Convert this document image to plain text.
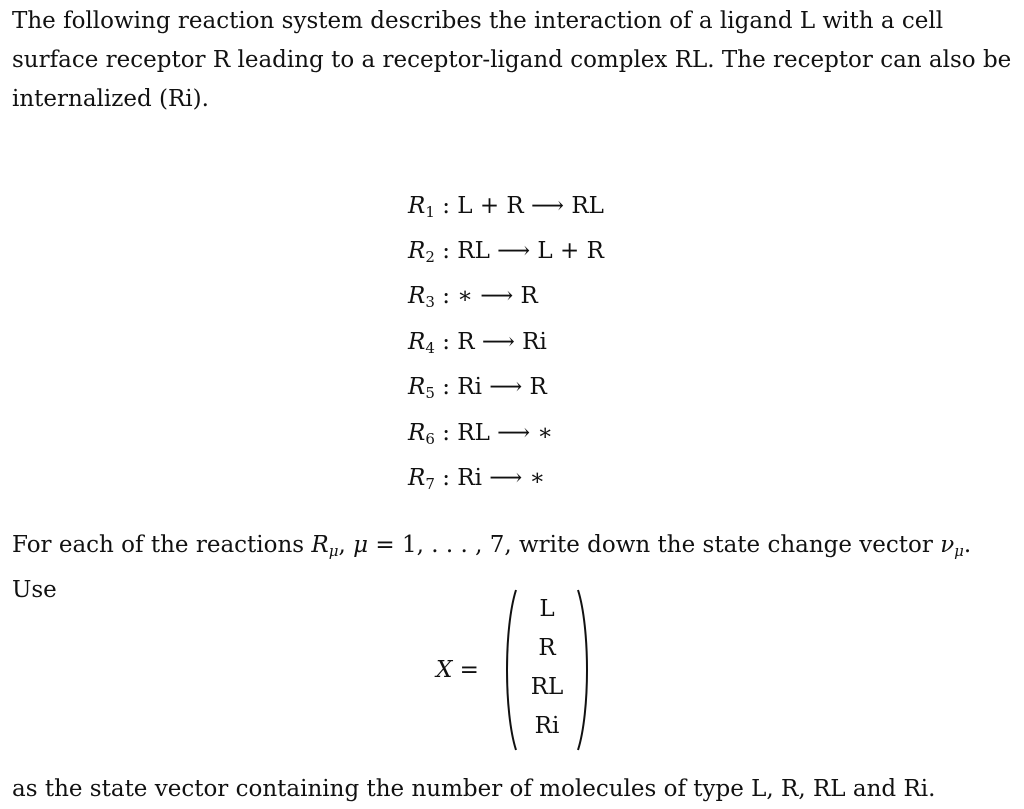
The following reaction system describes the interaction of a ligand L with a cell surface receptor R leading to a receptor-ligand complex RL. The receptor can also be internalized (Ri).

$R_1$ : L + R ⟶ RL
$R_2$ : RL ⟶ L + R
$R_3$ : ∗ ⟶ R
$R_4$ : R ⟶ Ri
$R_5$ : Ri ⟶ R
$R_6$ : RL ⟶ ∗
$R_7$ : Ri ⟶ ∗

For each of the reactions $R_\mu$, μ = 1, . . . , 7, write down the state change vector $\nu_\mu$. Use

X =
L
R
RL
Ri

as the state vector containing the number of molecules of type L, R, RL and Ri.
